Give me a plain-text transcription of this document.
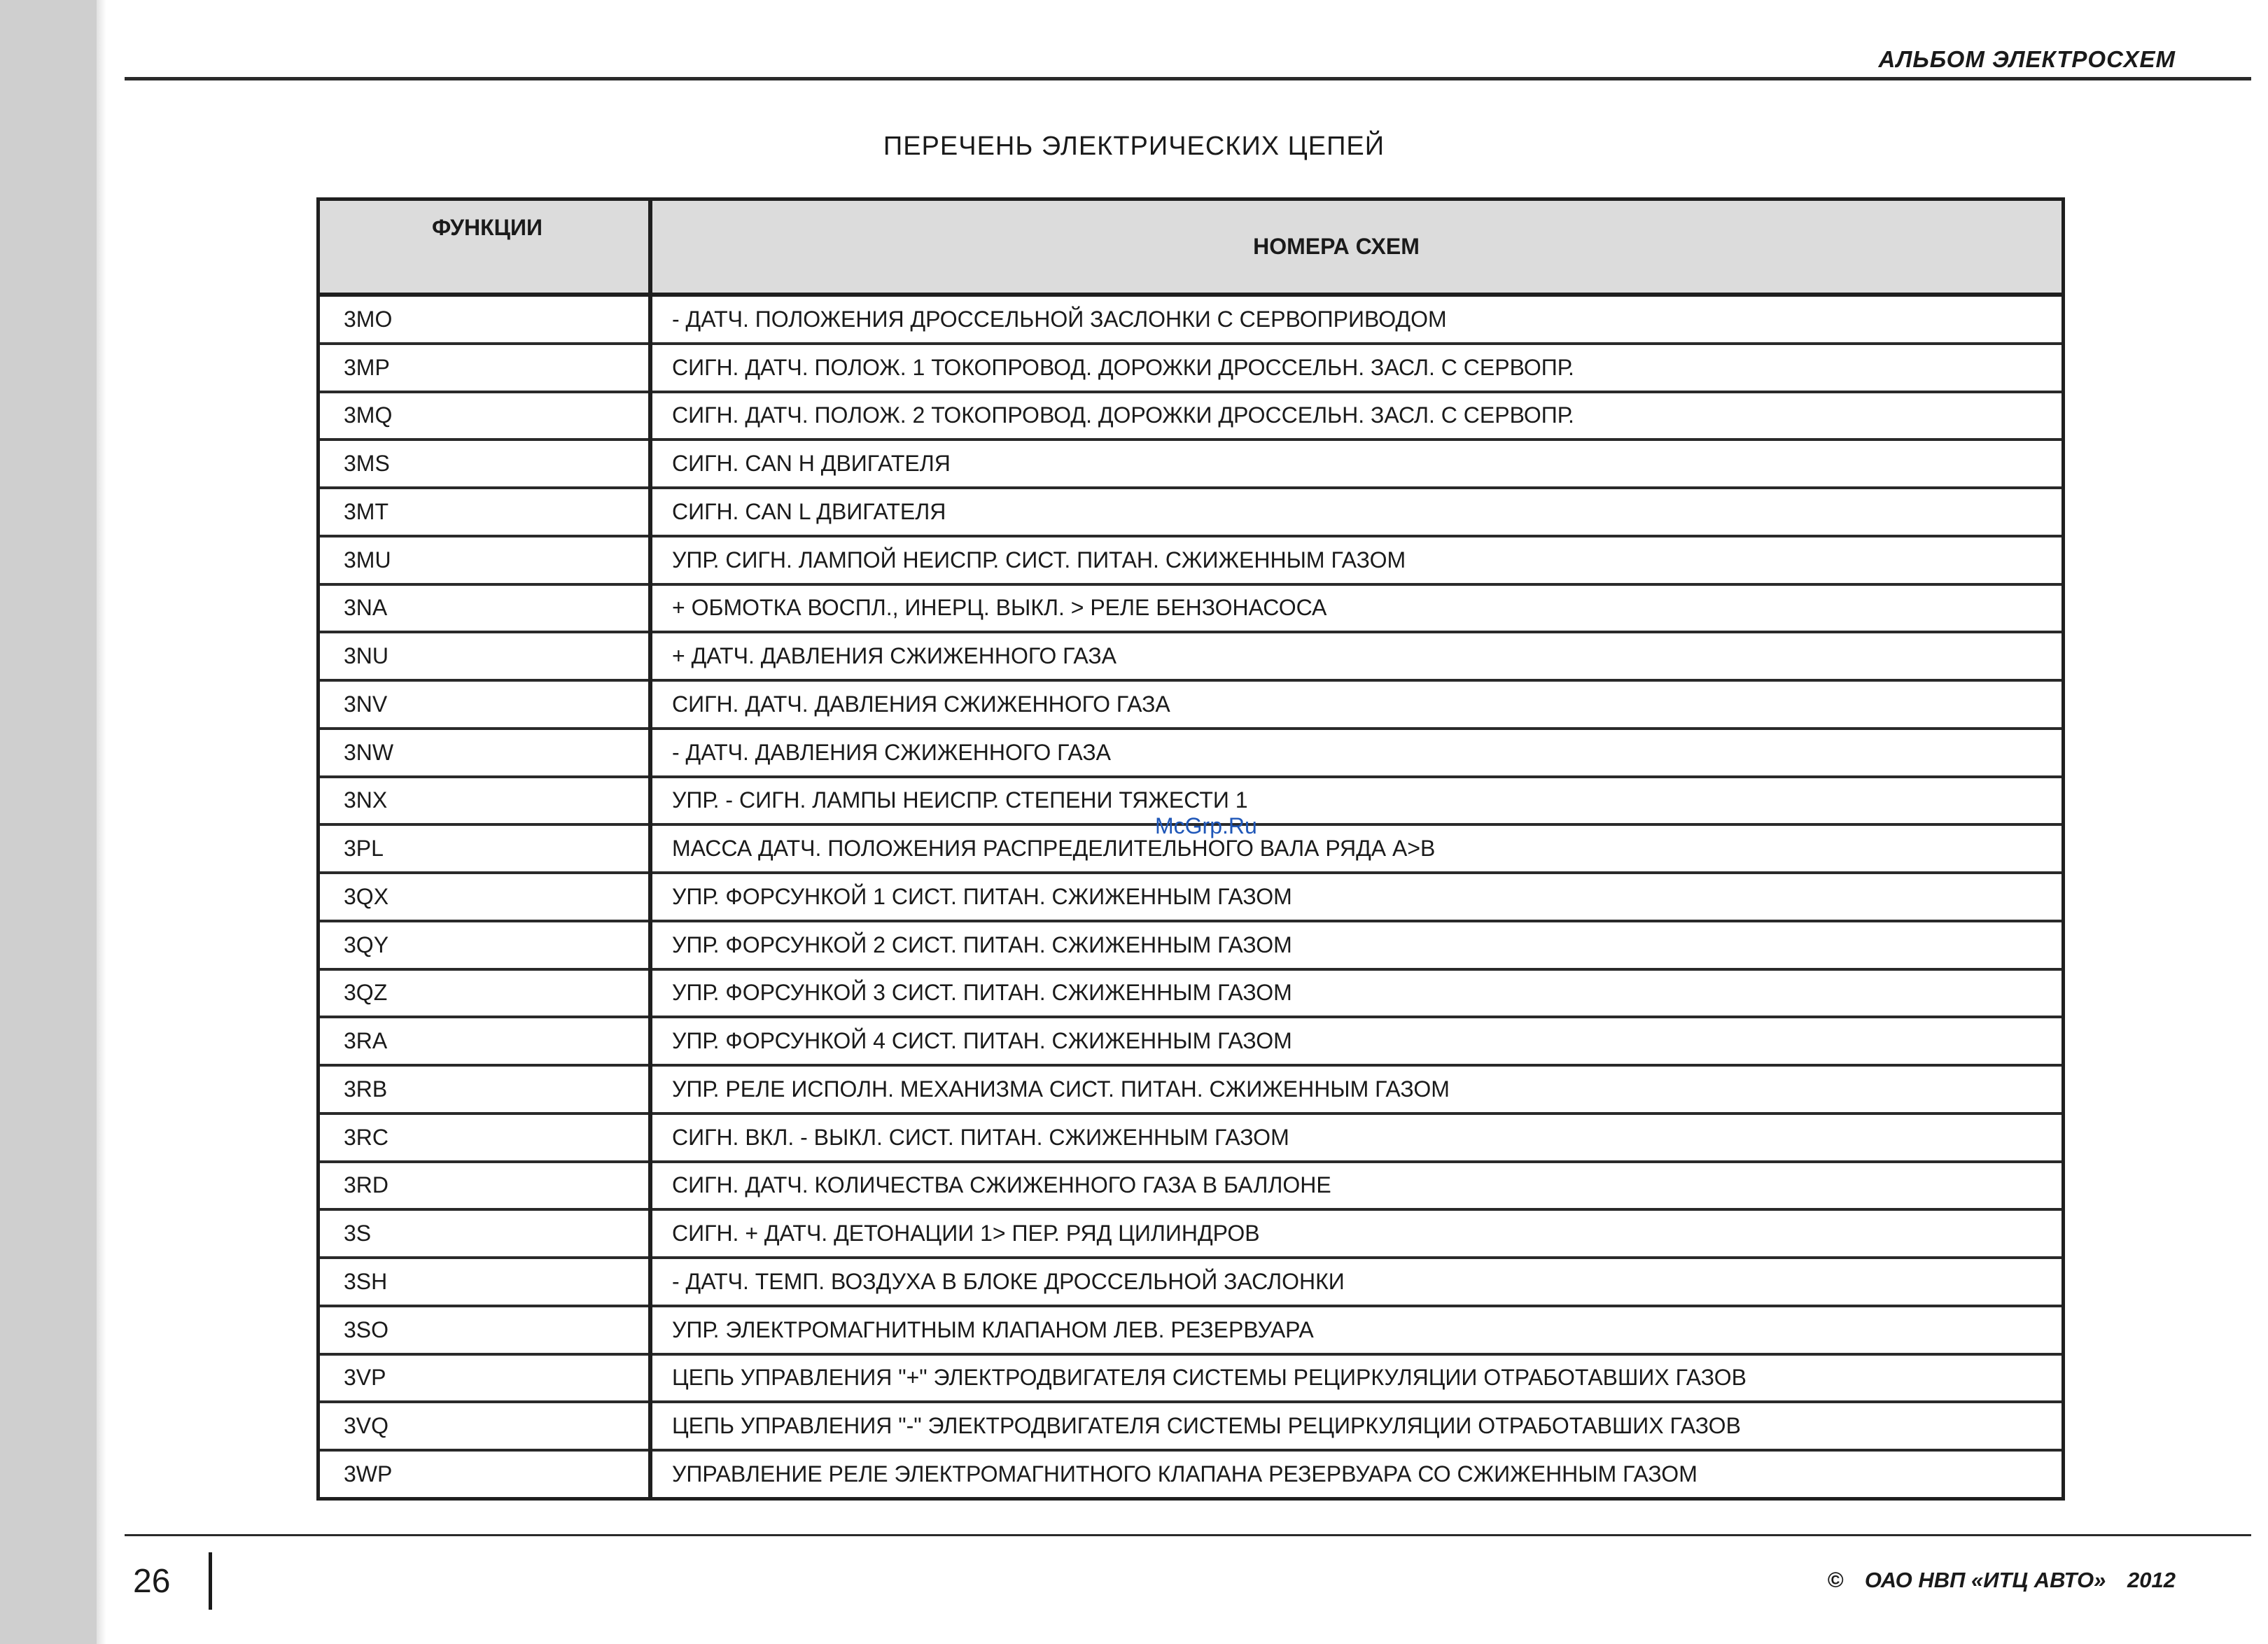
АЛЬБОМ ЭЛЕКТРОСХЕМ
ПЕРЕЧЕНЬ ЭЛЕКТРИЧЕСКИХ ЦЕПЕЙ
ФУНКЦИИ	НОМЕРА СХЕМ
3MO	- ДАТЧ. ПОЛОЖЕНИЯ ДРОССЕЛЬНОЙ ЗАСЛОНКИ С СЕРВОПРИВОДОМ
3MP	СИГН. ДАТЧ. ПОЛОЖ. 1 ТОКОПРОВОД. ДОРОЖКИ ДРОССЕЛЬН. ЗАСЛ. С СЕРВОПР.
3MQ	СИГН. ДАТЧ. ПОЛОЖ. 2 ТОКОПРОВОД. ДОРОЖКИ ДРОССЕЛЬН. ЗАСЛ. С СЕРВОПР.
3MS	СИГН. CAN H ДВИГАТЕЛЯ
3MT	СИГН. CAN L ДВИГАТЕЛЯ
3MU	УПР. СИГН. ЛАМПОЙ НЕИСПР. СИСТ. ПИТАН. СЖИЖЕННЫМ ГАЗОМ
3NA	+ ОБМОТКА ВОСПЛ., ИНЕРЦ. ВЫКЛ. > РЕЛЕ БЕНЗОНАСОСА
3NU	+ ДАТЧ. ДАВЛЕНИЯ СЖИЖЕННОГО ГАЗА
3NV	СИГН. ДАТЧ. ДАВЛЕНИЯ СЖИЖЕННОГО ГАЗА
3NW	- ДАТЧ. ДАВЛЕНИЯ СЖИЖЕННОГО ГАЗА
3NX	УПР. - СИГН. ЛАМПЫ НЕИСПР. СТЕПЕНИ ТЯЖЕСТИ 1
3PL	МАССА ДАТЧ. ПОЛОЖЕНИЯ РАСПРЕДЕЛИТЕЛЬНОГО ВАЛА РЯДА A>B
3QX	УПР. ФОРСУНКОЙ 1 СИСТ. ПИТАН. СЖИЖЕННЫМ ГАЗОМ
3QY	УПР. ФОРСУНКОЙ 2 СИСТ. ПИТАН. СЖИЖЕННЫМ ГАЗОМ
3QZ	УПР. ФОРСУНКОЙ 3 СИСТ. ПИТАН. СЖИЖЕННЫМ ГАЗОМ
3RA	УПР. ФОРСУНКОЙ 4 СИСТ. ПИТАН. СЖИЖЕННЫМ ГАЗОМ
3RB	УПР. РЕЛЕ ИСПОЛН. МЕХАНИЗМА СИСТ. ПИТАН. СЖИЖЕННЫМ ГАЗОМ
3RC	СИГН. ВКЛ. - ВЫКЛ. СИСТ. ПИТАН. СЖИЖЕННЫМ ГАЗОМ
3RD	СИГН. ДАТЧ. КОЛИЧЕСТВА СЖИЖЕННОГО ГАЗА В БАЛЛОНЕ
3S	СИГН. + ДАТЧ. ДЕТОНАЦИИ 1> ПЕР. РЯД ЦИЛИНДРОВ
3SH	- ДАТЧ. ТЕМП. ВОЗДУХА В БЛОКЕ ДРОССЕЛЬНОЙ ЗАСЛОНКИ
3SO	УПР. ЭЛЕКТРОМАГНИТНЫМ КЛАПАНОМ ЛЕВ. РЕЗЕРВУАРА
3VP	ЦЕПЬ УПРАВЛЕНИЯ "+" ЭЛЕКТРОДВИГАТЕЛЯ СИСТЕМЫ РЕЦИРКУЛЯЦИИ ОТРАБОТАВШИХ ГАЗОВ
3VQ	ЦЕПЬ УПРАВЛЕНИЯ "-" ЭЛЕКТРОДВИГАТЕЛЯ СИСТЕМЫ РЕЦИРКУЛЯЦИИ ОТРАБОТАВШИХ ГАЗОВ
3WP	УПРАВЛЕНИЕ РЕЛЕ ЭЛЕКТРОМАГНИТНОГО КЛАПАНА РЕЗЕРВУАРА СО СЖИЖЕННЫМ ГАЗОМ
McGrp.Ru
26	© ОАО НВП «ИТЦ АВТО» 2012
